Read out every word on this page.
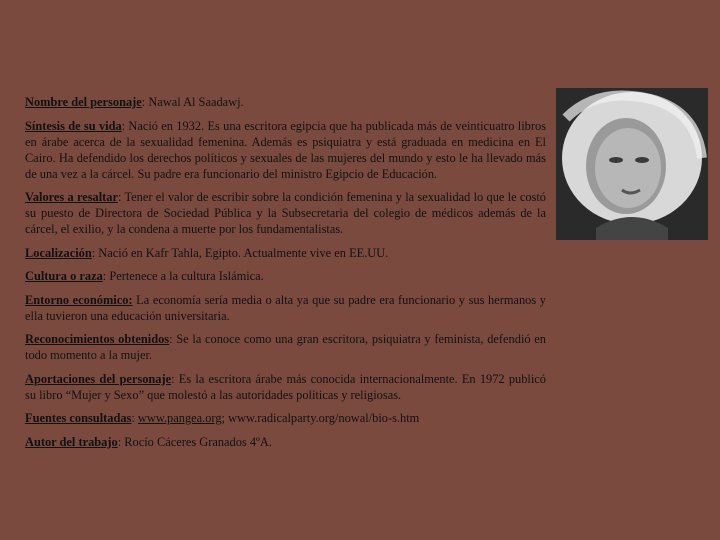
Nombre del personaje: Nawal Al Saadawj.
Síntesis de su vida: Nació en 1932. Es una escritora egipcia que ha publicada más de veinticuatro libros en árabe acerca de la sexualidad femenina. Además es psiquiatra y está graduada en medicina en El Cairo. Ha defendido los derechos políticos y sexuales de las mujeres del mundo y esto le ha llevado más de una vez a la cárcel. Su padre era funcionario del ministro Egipcio de Educación.
Valores a resaltar: Tener el valor de escribir sobre la condición femenina y la sexualidad lo que le costó su puesto de Directora de Sociedad Pública y la Subsecretaria del colegio de médicos además de la cárcel, el exilio, y la condena a muerte por los fundamentalistas.
Localización: Nació en Kafr Tahla, Egipto. Actualmente vive en EE.UU.
Cultura o raza: Pertenece a la cultura Islámica.
Entorno económico: La economía sería media o alta ya que su padre era funcionario y sus hermanos y ella tuvieron una educación universitaria.
Reconocimientos obtenidos: Se la conoce como una gran escritora, psiquiatra y feminista, defendió en todo momento a la mujer.
Aportaciones del personaje: Es la escritora árabe más conocida internacionalmente. En 1972 publicó su libro “Mujer y Sexo” que molestó a las autoridades políticas y religiosas.
Fuentes consultadas: www.pangea.org; www.radicalparty.org/nowal/bio-s.htm
Autor del trabajo: Rocío Cáceres Granados 4ºA.
